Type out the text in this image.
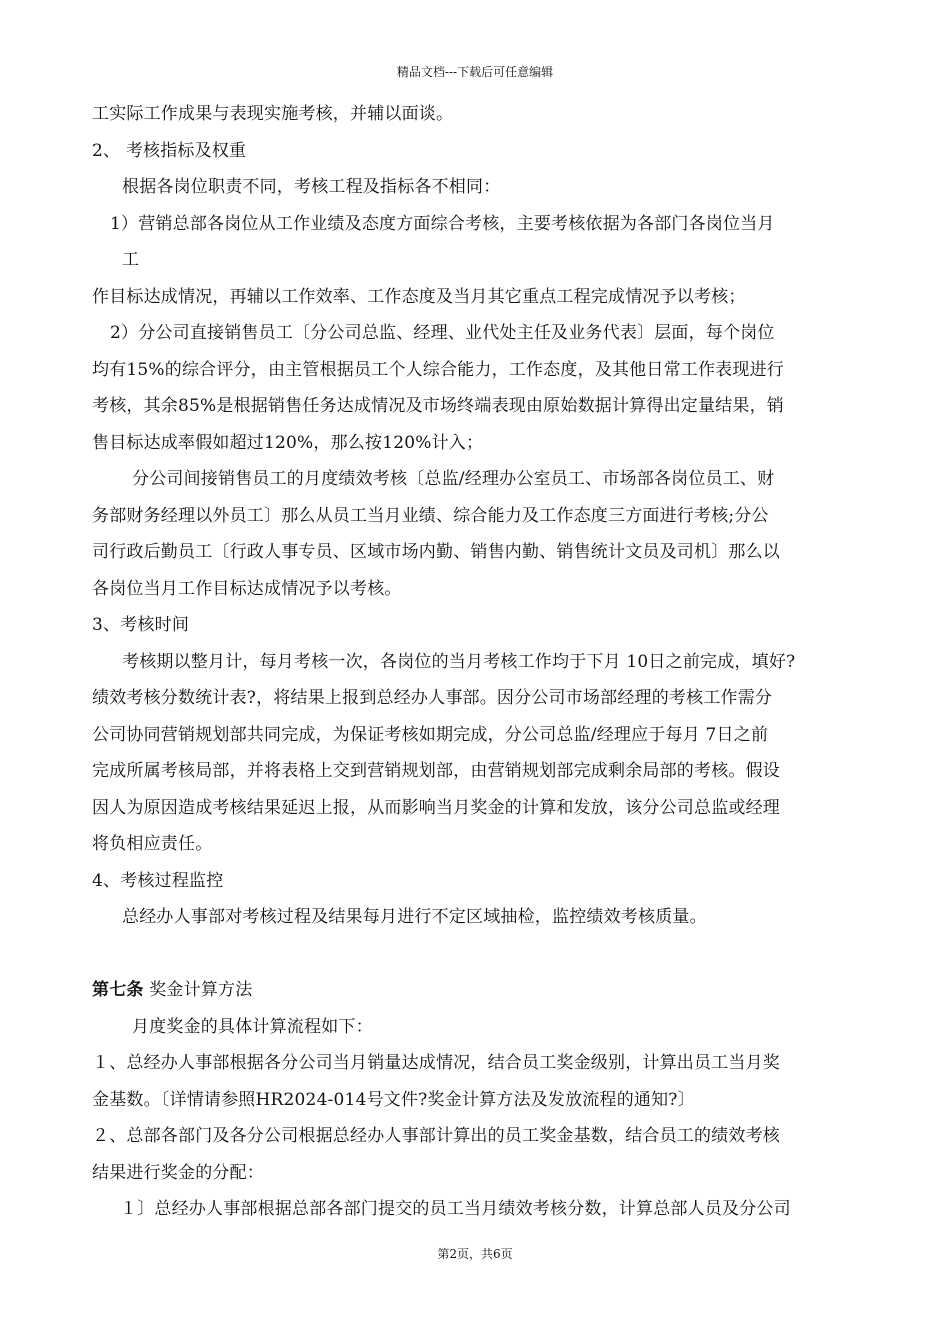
精品文档---下载后可任意编辑
工实际工作成果与表现实施考核，并辅以面谈。
2、 考核指标及权重
根据各岗位职责不同，考核工程及指标各不相同：
1）营销总部各岗位从工作业绩及态度方面综合考核，主要考核依据为各部门各岗位当月
工
作目标达成情况，再辅以工作效率、工作态度及当月其它重点工程完成情况予以考核；
2）分公司直接销售员工〔分公司总监、经理、业代处主任及业务代表〕层面，每个岗位
均有15%的综合评分，由主管根据员工个人综合能力，工作态度，及其他日常工作表现进行
考核，其余85%是根据销售任务达成情况及市场终端表现由原始数据计算得出定量结果，销
售目标达成率假如超过120%，那么按120%计入；
分公司间接销售员工的月度绩效考核〔总监/经理办公室员工、市场部各岗位员工、财
务部财务经理以外员工〕那么从员工当月业绩、综合能力及工作态度三方面进行考核;分公
司行政后勤员工〔行政人事专员、区域市场内勤、销售内勤、销售统计文员及司机〕那么以
各岗位当月工作目标达成情况予以考核。
3、考核时间
考核期以整月计，每月考核一次，各岗位的当月考核工作均于下月 10日之前完成，填好?
绩效考核分数统计表?，将结果上报到总经办人事部。因分公司市场部经理的考核工作需分
公司协同营销规划部共同完成，为保证考核如期完成，分公司总监/经理应于每月 7日之前
完成所属考核局部，并将表格上交到营销规划部，由营销规划部完成剩余局部的考核。假设
因人为原因造成考核结果延迟上报，从而影响当月奖金的计算和发放，该分公司总监或经理
将负相应责任。
4、考核过程监控
总经办人事部对考核过程及结果每月进行不定区域抽检，监控绩效考核质量。
第七条 奖金计算方法
月度奖金的具体计算流程如下：
１、总经办人事部根据各分公司当月销量达成情况，结合员工奖金级别，计算出员工当月奖
金基数。〔详情请参照HR2024-014号文件?奖金计算方法及发放流程的通知?〕
２、总部各部门及各分公司根据总经办人事部计算出的员工奖金基数，结合员工的绩效考核
结果进行奖金的分配：
１〕总经办人事部根据总部各部门提交的员工当月绩效考核分数，计算总部人员及分公司
第2页，共6页
